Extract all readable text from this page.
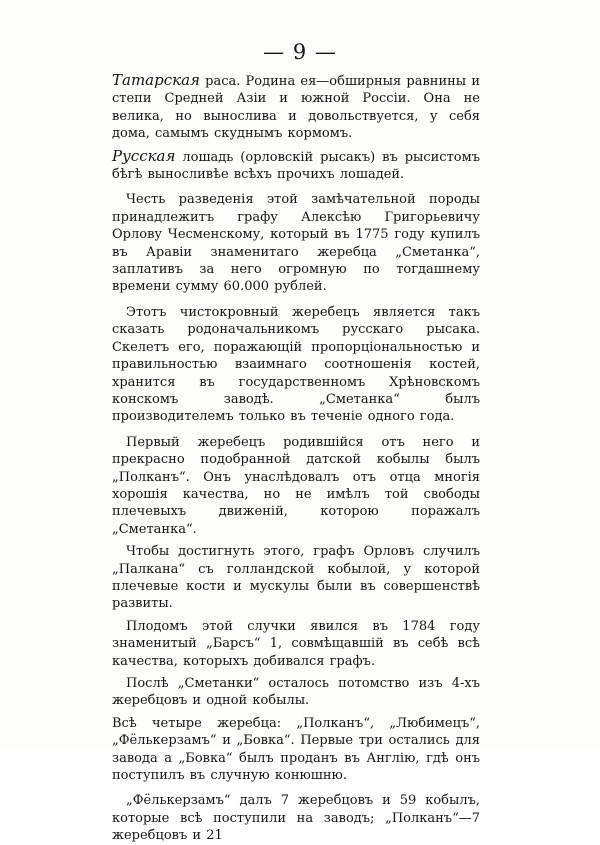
— 9 —

Татарская раса. Родина ея—обширныя равнины и степи Средней Азіи и южной Россіи. Она не велика, но вынослива и довольствуется, у себя дома, самымъ скуднымъ кормомъ.

Русская лошадь (орловскій рысакъ) въ рысистомъ бѣгѣ выносливѣе всѣхъ прочихъ лошадей.

Честь разведенія этой замѣчательной породы принадлежитъ графу Алексѣю Григорьевичу Орлову Чесменскому, который въ 1775 году купилъ въ Аравіи знаменитаго жеребца „Сметанка“, заплативъ за него огромную по тогдашнему времени сумму 60.000 рублей.

Этотъ чистокровный жеребецъ является такъ сказать родоначальникомъ русскаго рысака. Скелетъ его, поражающій пропорціональностью и правильностью взаимнаго соотношенія костей, хранится въ государственномъ Хрѣновскомъ конскомъ заводѣ. „Сметанка“ былъ производителемъ только въ теченіе одного года.

Первый жеребецъ родившійся отъ него и прекрасно подобранной датской кобылы былъ „Полканъ“. Онъ унаслѣдовалъ отъ отца многія хорошія качества, но не имѣлъ той свободы плечевыхъ движеній, которою поражалъ „Сметанка“.

Чтобы достигнуть этого, графъ Орловъ случилъ „Палкана“ съ голландской кобылой, у которой плечевые кости и мускулы были въ совершенствѣ развиты.

Плодомъ этой случки явился въ 1784 году знаменитый „Барсъ“ 1, совмѣщавшій въ себѣ всѣ качества, которыхъ добивался графъ.

Послѣ „Сметанки“ осталось потомство изъ 4-хъ жеребцовъ и одной кобылы.

Всѣ четыре жеребца: „Полканъ“, „Любимецъ“, „Фёлькерзамъ“ и „Бовка“. Первые три остались для завода а „Бовка“ былъ проданъ въ Англію, гдѣ онъ поступилъ въ случную конюшню.

„Фёлькерзамъ“ далъ 7 жеребцовъ и 59 кобылъ, которые всѣ поступили на заводъ; „Полканъ“—7 жеребцовъ и 21
